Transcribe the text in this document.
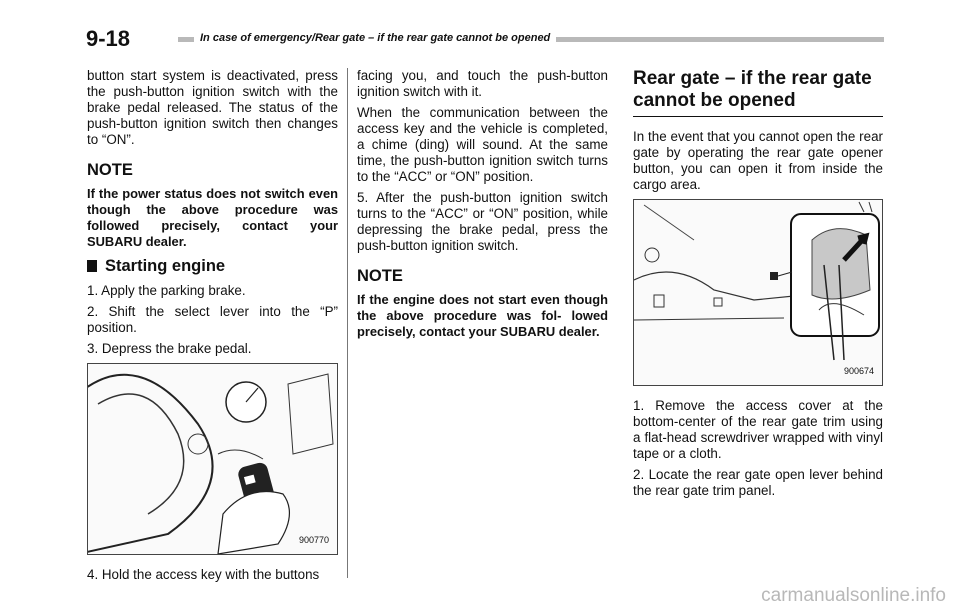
9-18	In case of emergency/Rear gate – if the rear gate cannot be opened

button start system is deactivated, press the push-button ignition switch with the brake pedal released. The status of the push-button ignition switch then changes to “ON”.

NOTE

If the power status does not switch even though the above procedure was followed precisely, contact your SUBARU dealer.

Starting engine

1. Apply the parking brake.

2. Shift the select lever into the “P” position.

3. Depress the brake pedal.

900770

4. Hold the access key with the buttons

facing you, and touch the push-button ignition switch with it.

When the communication between the access key and the vehicle is completed, a chime (ding) will sound. At the same time, the push-button ignition switch turns to the “ACC” or “ON” position.

5. After the push-button ignition switch turns to the “ACC” or “ON” position, while depressing the brake pedal, press the push-button ignition switch.

NOTE

If the engine does not start even though the above procedure was fol- lowed precisely, contact your SUBARU dealer.

Rear gate – if the rear gate cannot be opened

In the event that you cannot open the rear gate by operating the rear gate opener button, you can open it from inside the cargo area.

900674

1. Remove the access cover at the bottom-center of the rear gate trim using a flat-head screwdriver wrapped with vinyl tape or a cloth.

2. Locate the rear gate open lever behind the rear gate trim panel.

carmanualsonline.info
